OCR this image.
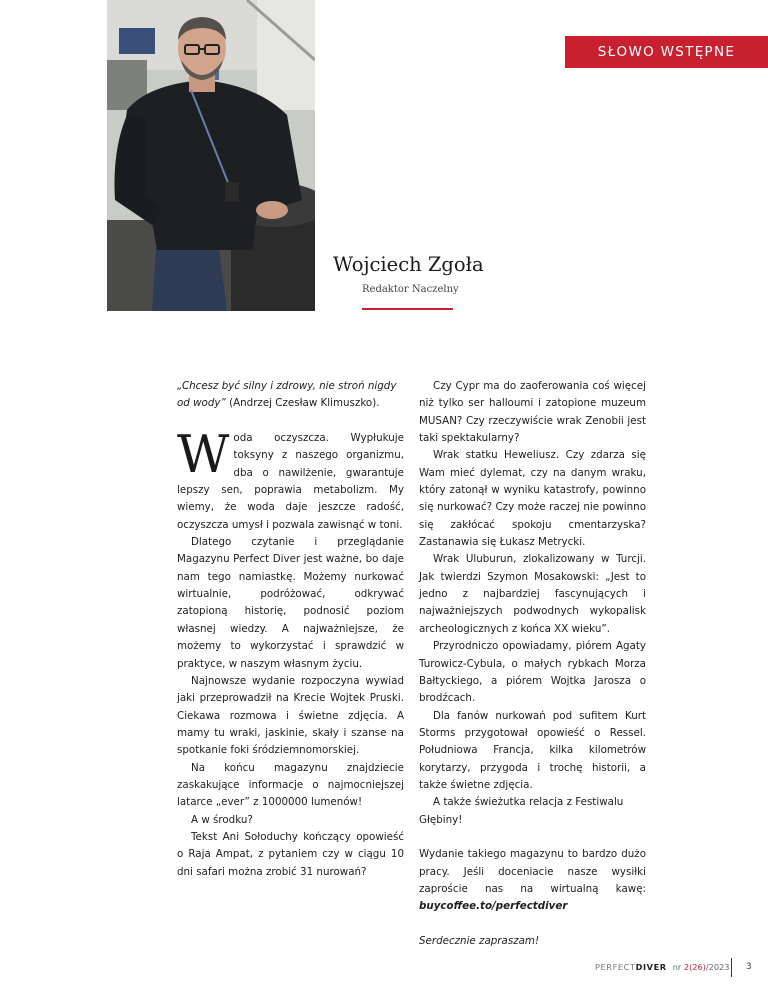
SŁOWO WSTĘPNE
Wojciech Zgoła
Redaktor Naczelny

„Chcesz być silny i zdrowy, nie stroń nigdy od wody” (Andrzej Czesław Klimuszko).

Woda oczyszcza. Wypłukuje toksyny z naszego organizmu, dba o nawilżenie, gwarantuje lepszy sen, poprawia metabolizm. My wiemy, że woda daje jeszcze radość, oczyszcza umysł i pozwala zawisnąć w toni.

Dlatego czytanie i przeglądanie Magazynu Perfect Diver jest ważne, bo daje nam tego namiastkę. Możemy nurkować wirtualnie, podróżować, odkrywać zatopioną historię, podnosić poziom własnej wiedzy. A najważniejsze, że możemy to wykorzystać i sprawdzić w praktyce, w naszym własnym życiu.

Najnowsze wydanie rozpoczyna wywiad jaki przeprowadził na Krecie Wojtek Pruski. Ciekawa rozmowa i świetne zdjęcia. A mamy tu wraki, jaskinie, skały i szanse na spotkanie foki śródziemnomorskiej.

Na końcu magazynu znajdziecie zaskakujące informacje o najmocniejszej latarce „ever” z 1000000 lumenów!

A w środku?

Tekst Ani Sołoduchy kończący opowieść o Raja Ampat, z pytaniem czy w ciągu 10 dni safari można zrobić 31 nurowań?

Czy Cypr ma do zaoferowania coś więcej niż tylko ser halloumi i zatopione muzeum MUSAN? Czy rzeczywiście wrak Zenobii jest taki spektakularny?

Wrak statku Heweliusz. Czy zdarza się Wam mieć dylemat, czy na danym wraku, który zatonął w wyniku katastrofy, powinno się nurkować? Czy może raczej nie powinno się zakłócać spokoju cmentarzyska? Zastanawia się Łukasz Metrycki.

Wrak Uluburun, zlokalizowany w Turcji. Jak twierdzi Szymon Mosakowski: „Jest to jedno z najbardziej fascynujących i najważniejszych podwodnych wykopalisk archeologicznych z końca XX wieku”.

Przyrodniczo opowiadamy, piórem Agaty Turowicz-Cybula, o małych rybkach Morza Bałtyckiego, a piórem Wojtka Jarosza o brodźcach.

Dla fanów nurkowań pod sufitem Kurt Storms przygotował opowieść o Ressel. Południowa Francja, kilka kilometrów korytarzy, przygoda i trochę historii, a także świetne zdjęcia.

A także świeżutka relacja z Festiwalu Głębiny!

Wydanie takiego magazynu to bardzo dużo pracy. Jeśli doceniacie nasze wysiłki zaproście nas na wirtualną kawę: buycoffee.to/perfectdiver

Serdecznie zapraszam!

PERFECT DIVER nr 2(26)/2023 3
